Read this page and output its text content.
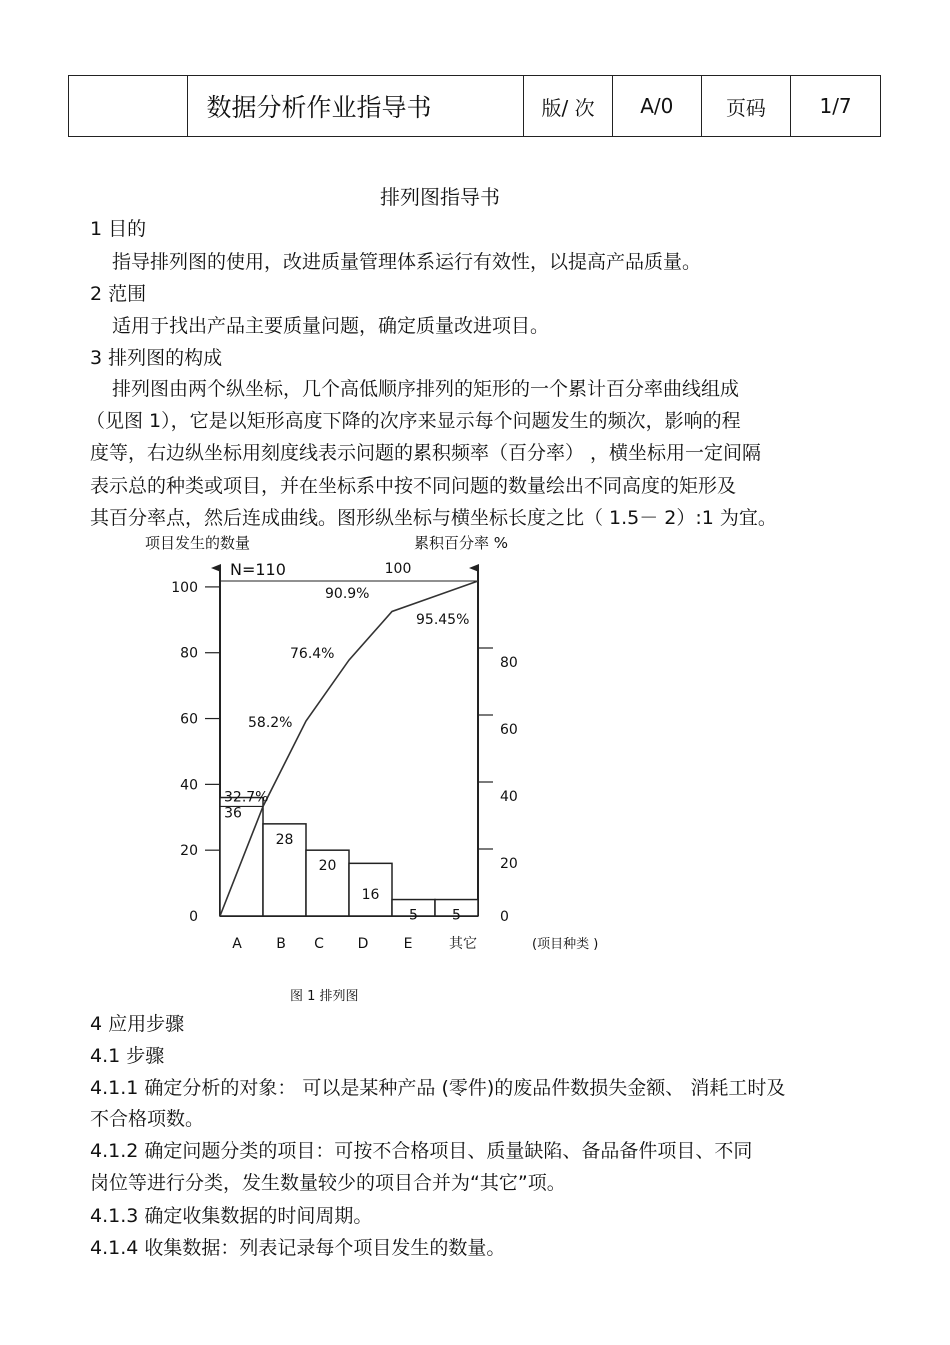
	数据分析作业指导书	版/ 次	A/0	页码	1/7
排列图指导书
1 目的
指导排列图的使用，改进质量管理体系运行有效性，以提高产品质量。
2 范围
适用于找出产品主要质量问题，确定质量改进项目。
3 排列图的构成
排列图由两个纵坐标，几个高低顺序排列的矩形的一个累计百分率曲线组成
（见图 1），它是以矩形高度下降的次序来显示每个问题发生的频次，影响的程
度等，右边纵坐标用刻度线表示问题的累积频率（百分率） ，横坐标用一定间隔
表示总的种类或项目，并在坐标系中按不同问题的数量绘出不同高度的矩形及
其百分率点，然后连成曲线。图形纵坐标与横坐标长度之比（ 1.5－ 2）:1 为宜。
项目发生的数量	累积百分率 %
N=110
0
20
40
60
80
100
0
20
40
60
80
36
A
28
B
20
C
16
D
5
E
5
其它
32.7%
58.2%
76.4%
90.9%
95.45%
100
(项目种类 )
图 1 排列图
4 应用步骤
4.1 步骤
4.1.1 确定分析的对象： 可以是某种产品 (零件)的废品件数损失金额、 消耗工时及
不合格项数。
4.1.2 确定问题分类的项目：可按不合格项目、质量缺陷、备品备件项目、不同
岗位等进行分类，发生数量较少的项目合并为“其它”项。
4.1.3 确定收集数据的时间周期。
4.1.4 收集数据：列表记录每个项目发生的数量。
